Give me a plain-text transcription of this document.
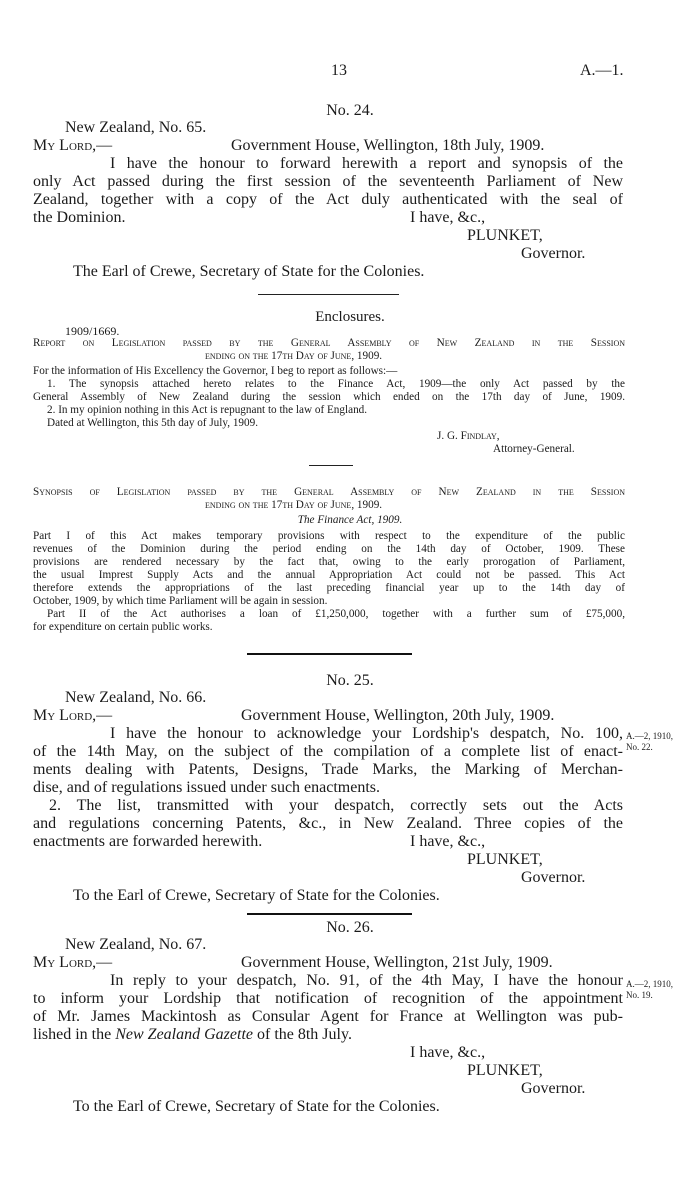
13	A.—1.
No. 24.
New Zealand, No. 65.
My Lord,—	Government House, Wellington, 18th July, 1909.
I have the honour to forward herewith a report and synopsis of the
only Act passed during the first session of the seventeenth Parliament of New
Zealand, together with a copy of the Act duly authenticated with the seal of
the Dominion.	I have, &c.,
PLUNKET,
Governor.
The Earl of Crewe, Secretary of State for the Colonies.
Enclosures.
1909/1669.
Report on Legislation passed by the General Assembly of New Zealand in the Session
ending on the 17th Day of June, 1909.
For the information of His Excellency the Governor, I beg to report as follows:—
1. The synopsis attached hereto relates to the Finance Act, 1909—the only Act passed by the
General Assembly of New Zealand during the session which ended on the 17th day of June, 1909.
2. In my opinion nothing in this Act is repugnant to the law of England.
Dated at Wellington, this 5th day of July, 1909.
J. G. Findlay,
Attorney-General.
Synopsis of Legislation passed by the General Assembly of New Zealand in the Session
ending on the 17th Day of June, 1909.
The Finance Act, 1909.
Part I of this Act makes temporary provisions with respect to the expenditure of the public
revenues of the Dominion during the period ending on the 14th day of October, 1909. These
provisions are rendered necessary by the fact that, owing to the early prorogation of Parliament,
the usual Imprest Supply Acts and the annual Appropriation Act could not be passed. This Act
therefore extends the appropriations of the last preceding financial year up to the 14th day of
October, 1909, by which time Parliament will be again in session.
Part II of the Act authorises a loan of £1,250,000, together with a further sum of £75,000,
for expenditure on certain public works.
No. 25.
New Zealand, No. 66.
My Lord,—	Government House, Wellington, 20th July, 1909.
I have the honour to acknowledge your Lordship's despatch, No. 100,
of the 14th May, on the subject of the compilation of a complete list of enact-
ments dealing with Patents, Designs, Trade Marks, the Marking of Merchan-
dise, and of regulations issued under such enactments.
2. The list, transmitted with your despatch, correctly sets out the Acts
and regulations concerning Patents, &c., in New Zealand. Three copies of the
enactments are forwarded herewith.	I have, &c.,
PLUNKET,
Governor.
To the Earl of Crewe, Secretary of State for the Colonies.
A.—2, 1910,
No. 22.
No. 26.
New Zealand, No. 67.
My Lord,—	Government House, Wellington, 21st July, 1909.
In reply to your despatch, No. 91, of the 4th May, I have the honour
to inform your Lordship that notification of recognition of the appointment
of Mr. James Mackintosh as Consular Agent for France at Wellington was pub-
lished in the New Zealand Gazette of the 8th July.
I have, &c.,
PLUNKET,
Governor.
To the Earl of Crewe, Secretary of State for the Colonies.
A.—2, 1910,
No. 19.
